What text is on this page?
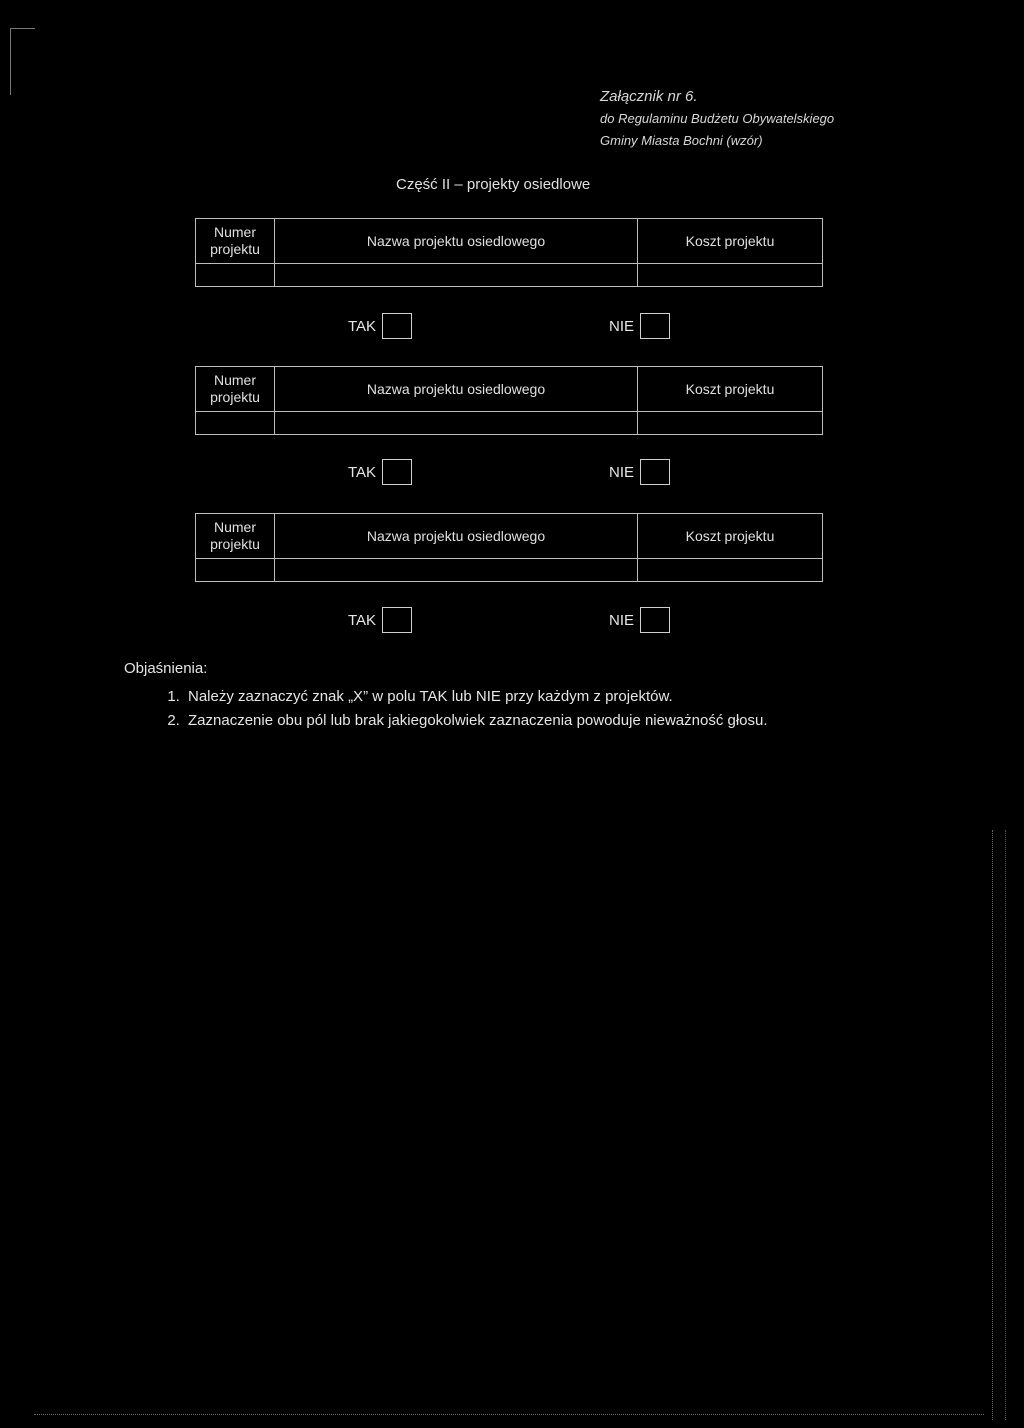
Załącznik nr 6.
do Regulaminu Budżetu Obywatelskiego
Gminy Miasta Bochni (wzór)
Część II – projekty osiedlowe
Numer
projektu	Nazwa projektu osiedlowego	Koszt projektu

TAK	NIE
Numer
projektu	Nazwa projektu osiedlowego	Koszt projektu

TAK	NIE
Numer
projektu	Nazwa projektu osiedlowego	Koszt projektu

TAK	NIE
Objaśnienia:
1. Należy zaznaczyć znak „X” w polu TAK lub NIE przy każdym z projektów.
2. Zaznaczenie obu pól lub brak jakiegokolwiek zaznaczenia powoduje nieważność głosu.
